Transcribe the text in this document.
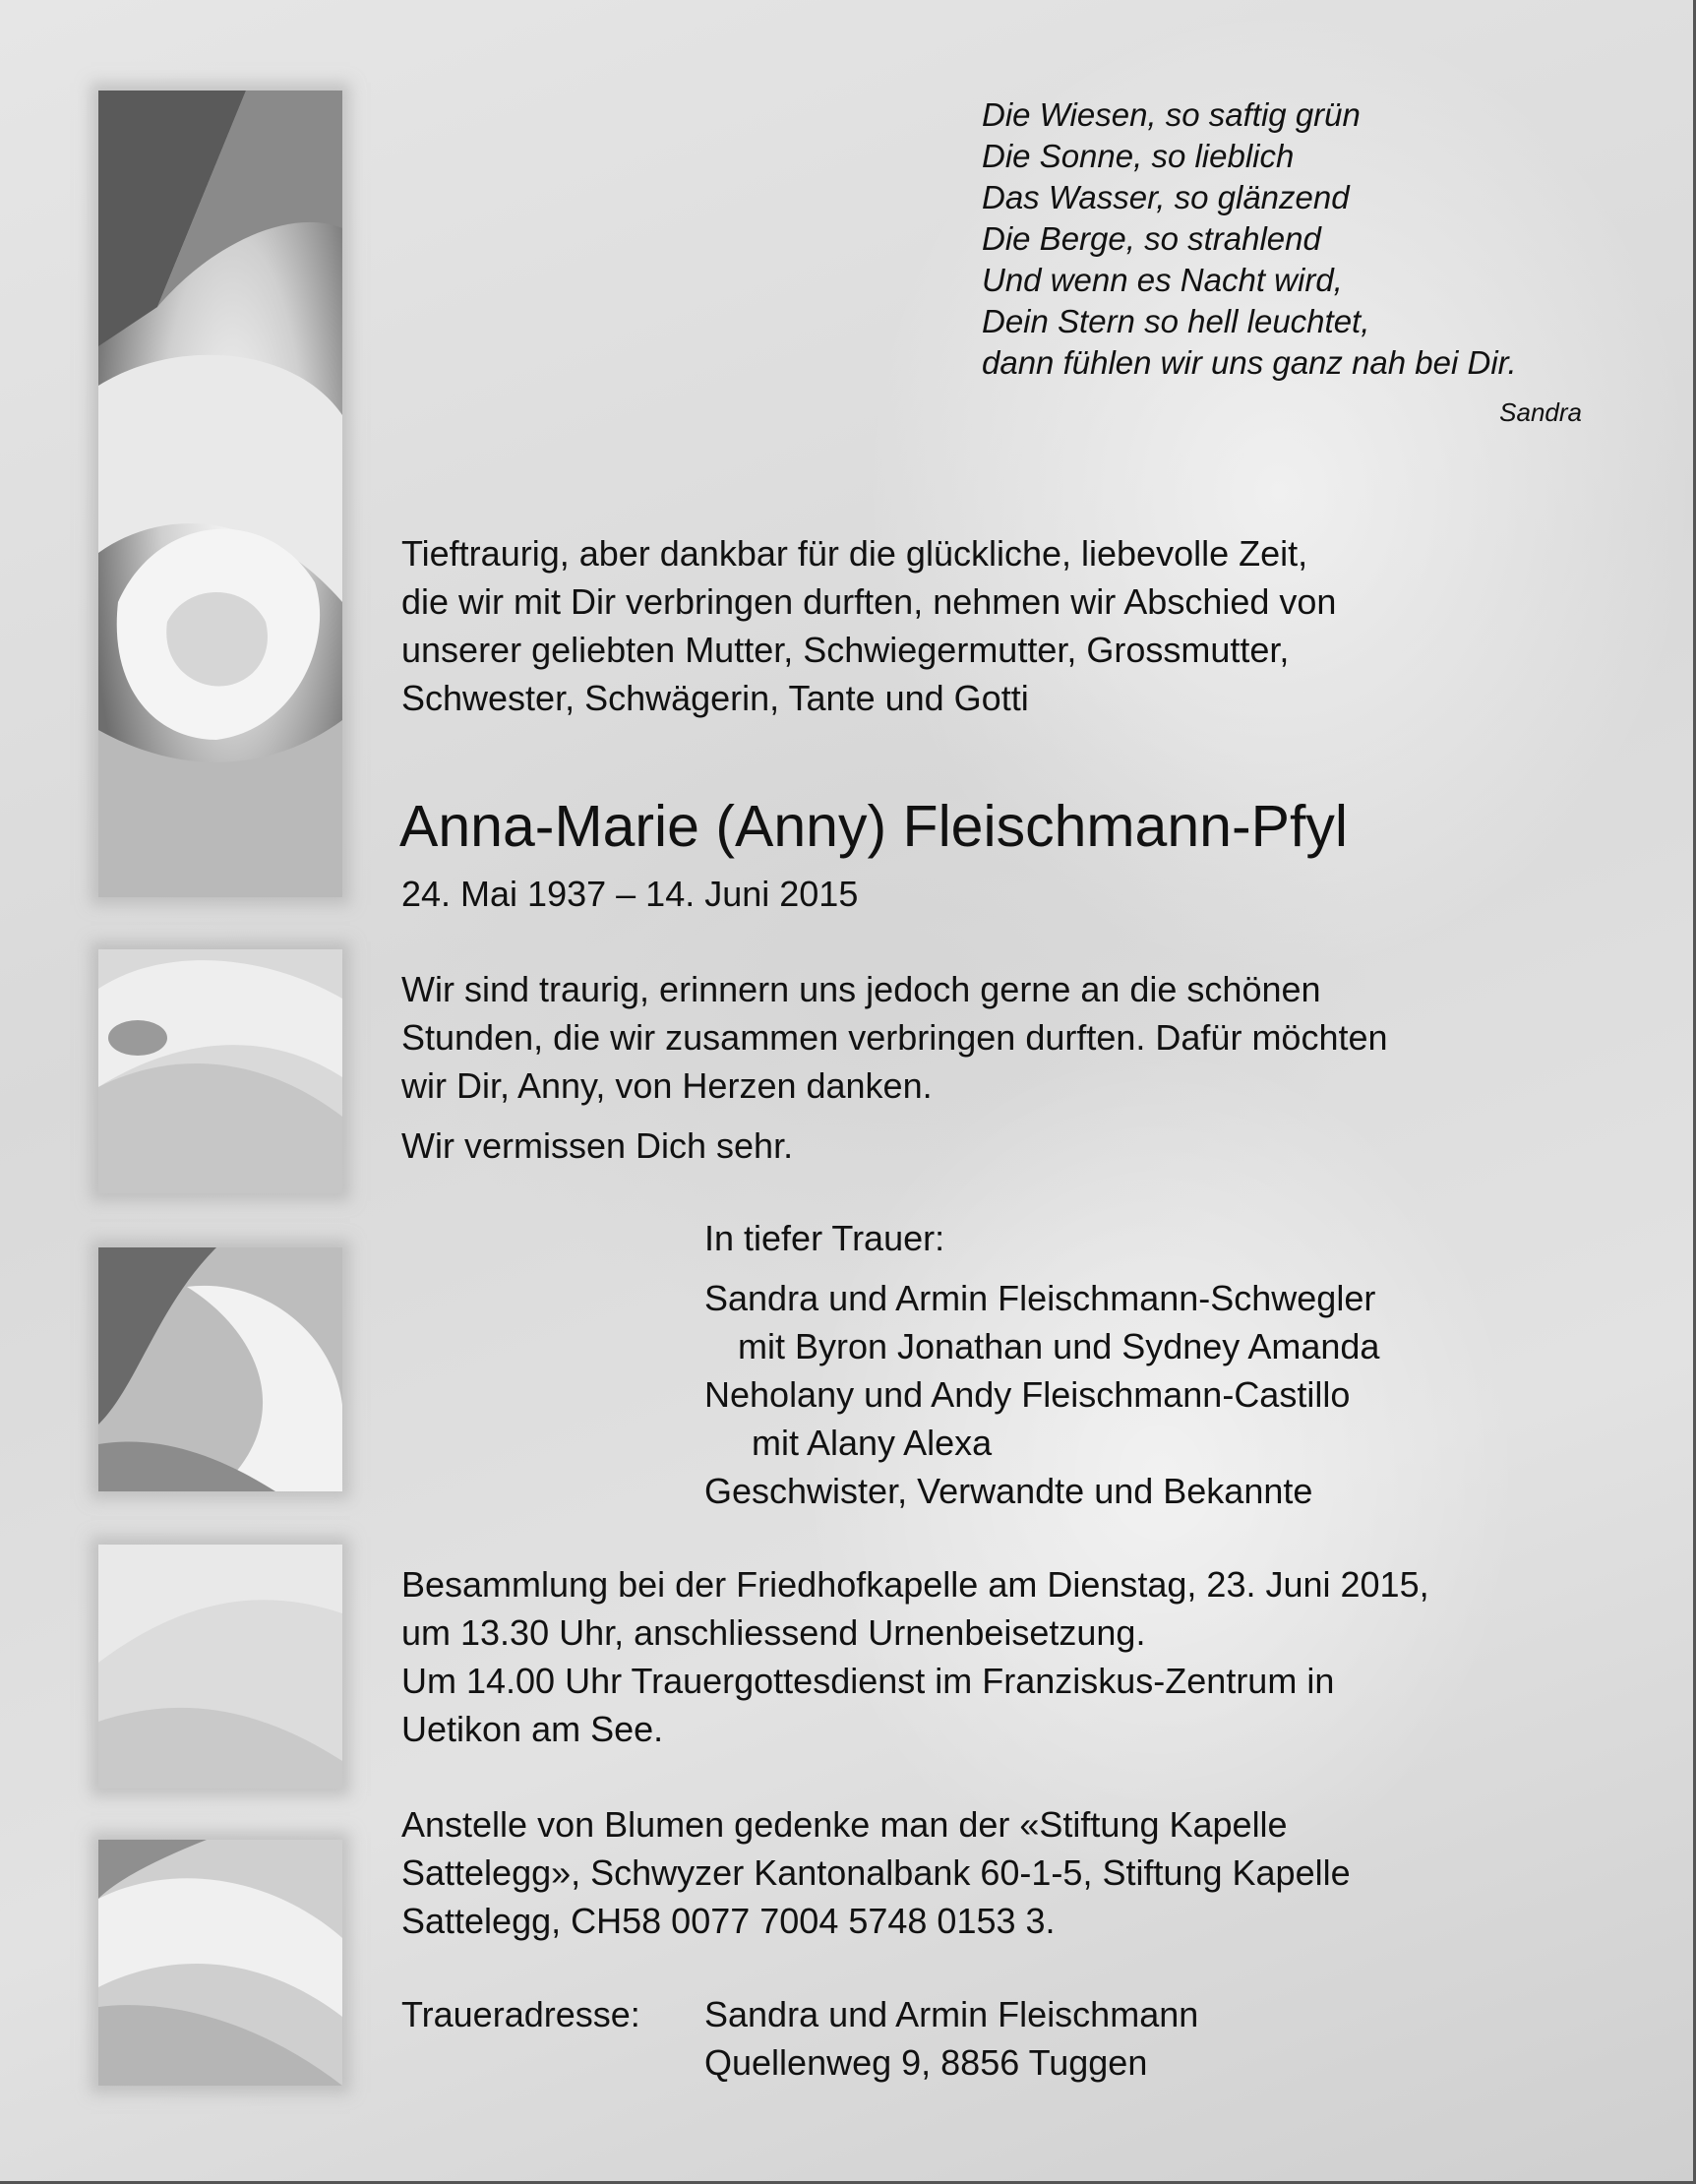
Die Wiesen, so saftig grün
Die Sonne, so lieblich
Das Wasser, so glänzend
Die Berge, so strahlend
Und wenn es Nacht wird,
Dein Stern so hell leuchtet,
dann fühlen wir uns ganz nah bei Dir.
Sandra
Tieftraurig, aber dankbar für die glückliche, liebevolle Zeit,
die wir mit Dir verbringen durften, nehmen wir Abschied von
unserer geliebten Mutter, Schwiegermutter, Grossmutter,
Schwester, Schwägerin, Tante und Gotti
Anna-Marie (Anny) Fleischmann-Pfyl
24. Mai 1937 – 14. Juni 2015
Wir sind traurig, erinnern uns jedoch gerne an die schönen
Stunden, die wir zusammen verbringen durften. Dafür möchten
wir Dir, Anny, von Herzen danken.
Wir vermissen Dich sehr.
In tiefer Trauer:
Sandra und Armin Fleischmann-Schwegler
mit Byron Jonathan und Sydney Amanda
Neholany und Andy Fleischmann-Castillo
mit Alany Alexa
Geschwister, Verwandte und Bekannte
Besammlung bei der Friedhofkapelle am Dienstag, 23. Juni 2015,
um 13.30 Uhr, anschliessend Urnenbeisetzung.
Um 14.00 Uhr Trauergottesdienst im Franziskus-Zentrum in
Uetikon am See.
Anstelle von Blumen gedenke man der «Stiftung Kapelle
Sattelegg», Schwyzer Kantonalbank 60-1-5, Stiftung Kapelle
Sattelegg, CH58 0077 7004 5748 0153 3.
Traueradresse: Sandra und Armin Fleischmann
Quellenweg 9, 8856 Tuggen
